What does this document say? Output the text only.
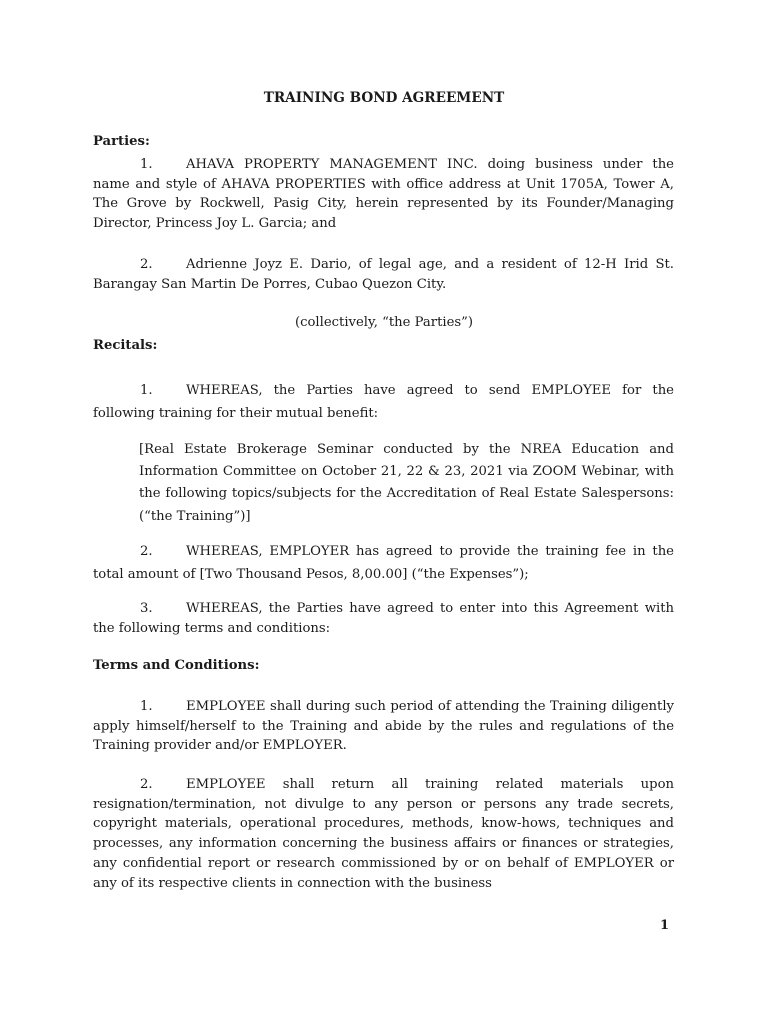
TRAINING BOND AGREEMENT

Parties:

1.	AHAVA PROPERTY MANAGEMENT INC. doing business under the name and style of AHAVA PROPERTIES with office address at Unit 1705A, Tower A, The Grove by Rockwell, Pasig City, herein represented by its Founder/Managing Director, Princess Joy L. Garcia; and

2.	Adrienne Joyz E. Dario, of legal age, and a resident of 12-H Irid St. Barangay San Martin De Porres, Cubao Quezon City.

(collectively, “the Parties”)

Recitals:

1.	WHEREAS, the Parties have agreed to send EMPLOYEE for the following training for their mutual benefit:

[Real Estate Brokerage Seminar conducted by the NREA Education and Information Committee on October 21, 22 & 23, 2021 via ZOOM Webinar, with the following topics/subjects for the Accreditation of Real Estate Salespersons: (“the Training”)]

2.	WHEREAS, EMPLOYER has agreed to provide the training fee in the total amount of [Two Thousand Pesos, 8,00.00] (“the Expenses”);

3.	WHEREAS, the Parties have agreed to enter into this Agreement with the following terms and conditions:

Terms and Conditions:

1.	EMPLOYEE shall during such period of attending the Training diligently apply himself/herself to the Training and abide by the rules and regulations of the Training provider and/or EMPLOYER.

2.	EMPLOYEE shall return all training related materials upon resignation/termination, not divulge to any person or persons any trade secrets, copyright materials, operational procedures, methods, know-hows, techniques and processes, any information concerning the business affairs or finances or strategies, any confidential report or research commissioned by or on behalf of EMPLOYER or any of its respective clients in connection with the business

1
